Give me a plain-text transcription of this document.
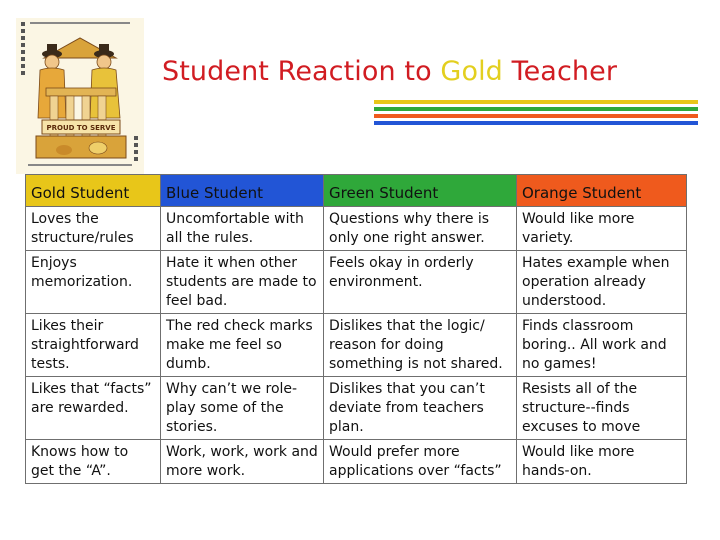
PROUD TO SERVE
Student Reaction to Gold Teacher
Gold Student	Blue Student	Green Student	Orange Student
Loves the structure/rules	Uncomfortable with all the rules.	Questions why there is only one right answer.	Would like more variety.
Enjoys memorization.	Hate it when other students are made to feel bad.	Feels okay in orderly environment.	Hates example when operation already understood.
Likes their straightforward tests.	The red check marks make me feel so dumb.	Dislikes that the logic/ reason for doing something is not shared.	Finds classroom boring.. All work and no games!
Likes that “facts” are rewarded.	Why can’t we role-play some of the stories.	Dislikes that you can’t deviate from teachers plan.	Resists all of the structure--finds excuses to move
Knows how to get the “A”.	Work, work, work and more work.	Would prefer more applications over “facts”	Would like more hands-on.
